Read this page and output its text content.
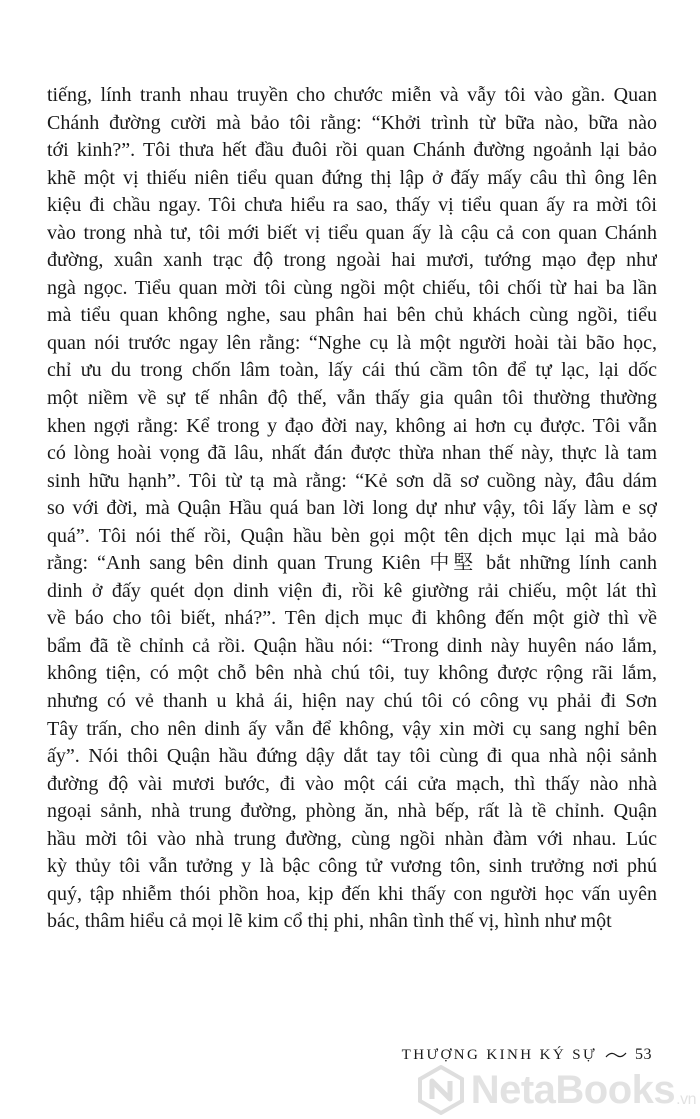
tiếng, lính tranh nhau truyền cho chước miễn và vẫy tôi vào gần. Quan
Chánh đường cười mà bảo tôi rằng: “Khởi trình từ bữa nào, bữa nào
tới kinh?”. Tôi thưa hết đầu đuôi rồi quan Chánh đường ngoảnh lại bảo
khẽ một vị thiếu niên tiểu quan đứng thị lập ở đấy mấy câu thì ông lên
kiệu đi chầu ngay. Tôi chưa hiểu ra sao, thấy vị tiểu quan ấy ra mời tôi
vào trong nhà tư, tôi mới biết vị tiểu quan ấy là cậu cả con quan Chánh
đường, xuân xanh trạc độ trong ngoài hai mươi, tướng mạo đẹp như
ngà ngọc. Tiểu quan mời tôi cùng ngồi một chiếu, tôi chối từ hai ba lần
mà tiểu quan không nghe, sau phân hai bên chủ khách cùng ngồi, tiểu
quan nói trước ngay lên rằng: “Nghe cụ là một người hoài tài bão học,
chỉ ưu du trong chốn lâm toàn, lấy cái thú cầm tôn để tự lạc, lại dốc
một niềm về sự tế nhân độ thế, vẫn thấy gia quân tôi thường thường
khen ngợi rằng: Kể trong y đạo đời nay, không ai hơn cụ được. Tôi vẫn
có lòng hoài vọng đã lâu, nhất đán được thừa nhan thế này, thực là tam
sinh hữu hạnh”. Tôi từ tạ mà rằng: “Kẻ sơn dã sơ cuồng này, đâu dám
so với đời, mà Quận Hầu quá ban lời long dự như vậy, tôi lấy làm e sợ
quá”. Tôi nói thế rồi, Quận hầu bèn gọi một tên dịch mục lại mà bảo
rằng: “Anh sang bên dinh quan Trung Kiên 中堅 bắt những lính canh
dinh ở đấy quét dọn dinh viện đi, rồi kê giường rải chiếu, một lát thì
về báo cho tôi biết, nhá?”. Tên dịch mục đi không đến một giờ thì về
bẩm đã tề chỉnh cả rồi. Quận hầu nói: “Trong dinh này huyên náo lắm,
không tiện, có một chỗ bên nhà chú tôi, tuy không được rộng rãi lắm,
nhưng có vẻ thanh u khả ái, hiện nay chú tôi có công vụ phải đi Sơn
Tây trấn, cho nên dinh ấy vẫn để không, vậy xin mời cụ sang nghỉ bên
ấy”. Nói thôi Quận hầu đứng dậy dắt tay tôi cùng đi qua nhà nội sảnh
đường độ vài mươi bước, đi vào một cái cửa mạch, thì thấy nào nhà
ngoại sảnh, nhà trung đường, phòng ăn, nhà bếp, rất là tề chỉnh. Quận
hầu mời tôi vào nhà trung đường, cùng ngồi nhàn đàm với nhau. Lúc
kỳ thủy tôi vẫn tưởng y là bậc công tử vương tôn, sinh trưởng nơi phú
quý, tập nhiễm thói phồn hoa, kịp đến khi thấy con người học vấn uyên
bác, thâm hiểu cả mọi lẽ kim cổ thị phi, nhân tình thế vị, hình như một
THƯỢNG KINH KÝ SỰ 53
NetaBooks .vn
